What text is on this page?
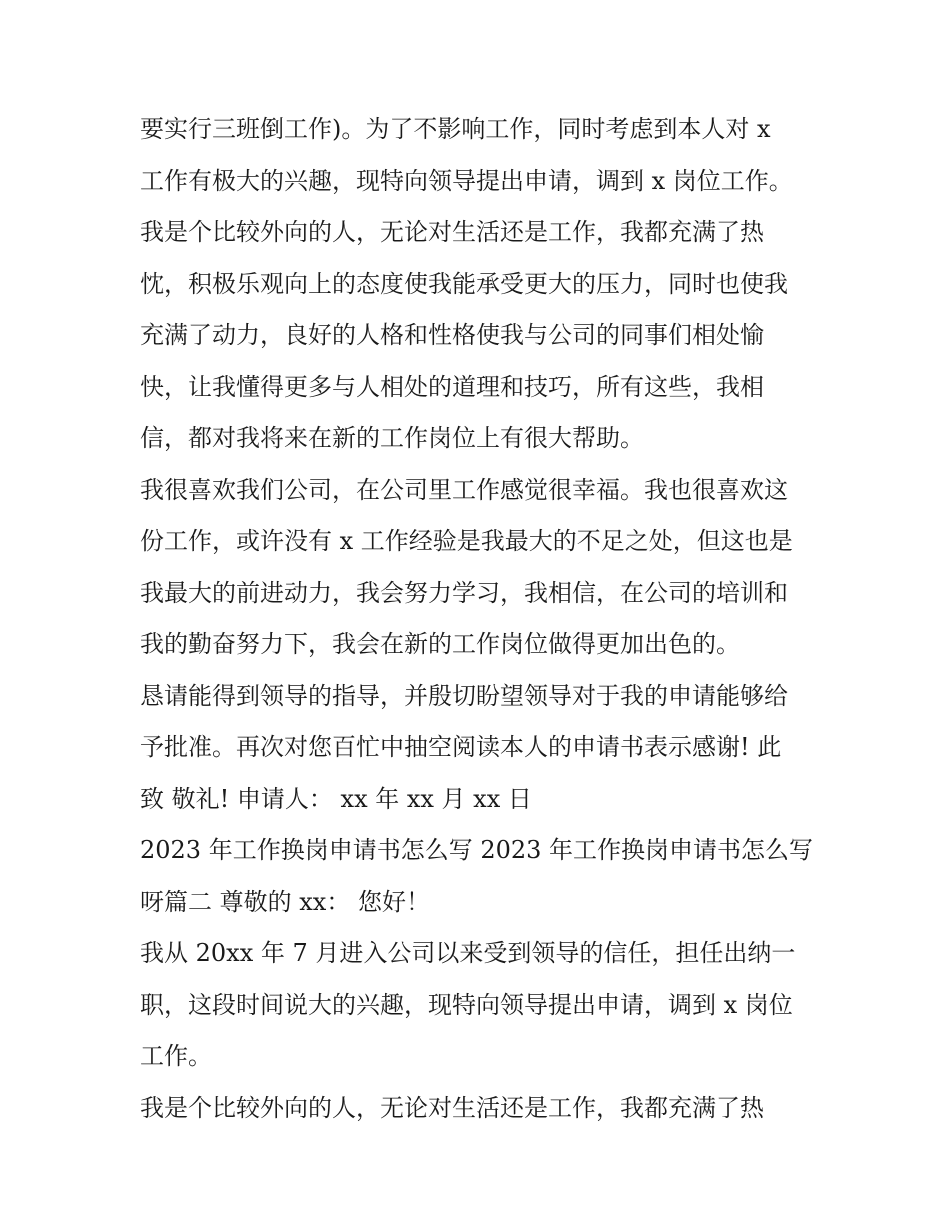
要实行三班倒工作)。为了不影响工作，同时考虑到本人对 x
工作有极大的兴趣，现特向领导提出申请，调到 x 岗位工作。
我是个比较外向的人，无论对生活还是工作，我都充满了热
忱，积极乐观向上的态度使我能承受更大的压力，同时也使我
充满了动力，良好的人格和性格使我与公司的同事们相处愉
快，让我懂得更多与人相处的道理和技巧，所有这些，我相
信，都对我将来在新的工作岗位上有很大帮助。
我很喜欢我们公司，在公司里工作感觉很幸福。我也很喜欢这
份工作，或许没有 x 工作经验是我最大的不足之处，但这也是
我最大的前进动力，我会努力学习，我相信，在公司的培训和
我的勤奋努力下，我会在新的工作岗位做得更加出色的。
恳请能得到领导的指导，并殷切盼望领导对于我的申请能够给
予批准。再次对您百忙中抽空阅读本人的申请书表示感谢! 此
致 敬礼! 申请人： xx 年 xx 月 xx 日
2023 年工作换岗申请书怎么写 2023 年工作换岗申请书怎么写
呀篇二 尊敬的 xx： 您好！
我从 20xx 年 7 月进入公司以来受到领导的信任，担任出纳一
职，这段时间说大的兴趣，现特向领导提出申请，调到 x 岗位
工作。
我是个比较外向的人，无论对生活还是工作，我都充满了热
